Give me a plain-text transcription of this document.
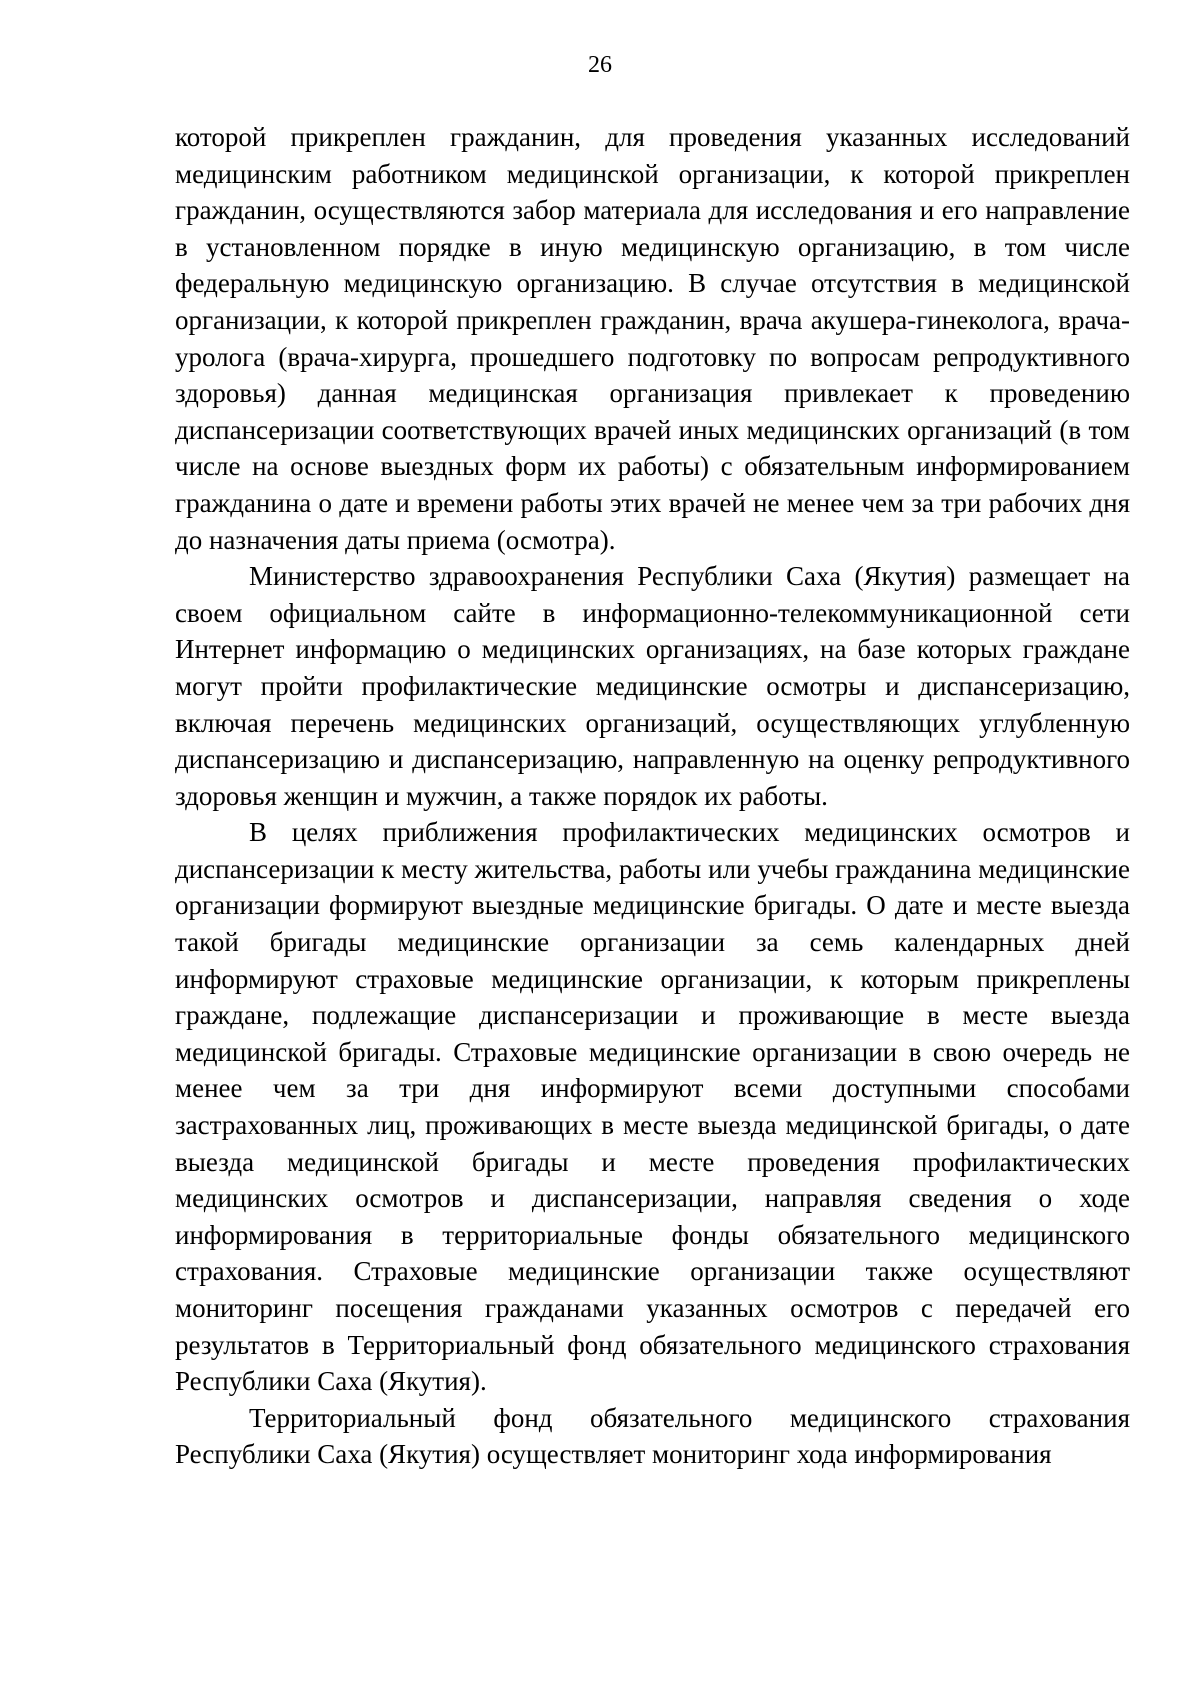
26

которой прикреплен гражданин, для проведения указанных исследований медицинским работником медицинской организации, к которой прикреплен гражданин, осуществляются забор материала для исследования и его направление в установленном порядке в иную медицинскую организацию, в том числе федеральную медицинскую организацию. В случае отсутствия в медицинской организации, к которой прикреплен гражданин, врача акушера-гинеколога, врача-уролога (врача-хирурга, прошедшего подготовку по вопросам репродуктивного здоровья) данная медицинская организация привлекает к проведению диспансеризации соответствующих врачей иных медицинских организаций (в том числе на основе выездных форм их работы) с обязательным информированием гражданина о дате и времени работы этих врачей не менее чем за три рабочих дня до назначения даты приема (осмотра).

Министерство здравоохранения Республики Саха (Якутия) размещает на своем официальном сайте в информационно-телекоммуникационной сети Интернет информацию о медицинских организациях, на базе которых граждане могут пройти профилактические медицинские осмотры и диспансеризацию, включая перечень медицинских организаций, осуществляющих углубленную диспансеризацию и диспансеризацию, направленную на оценку репродуктивного здоровья женщин и мужчин, а также порядок их работы.

В целях приближения профилактических медицинских осмотров и диспансеризации к месту жительства, работы или учебы гражданина медицинские организации формируют выездные медицинские бригады. О дате и месте выезда такой бригады медицинские организации за семь календарных дней информируют страховые медицинские организации, к которым прикреплены граждане, подлежащие диспансеризации и проживающие в месте выезда медицинской бригады. Страховые медицинские организации в свою очередь не менее чем за три дня информируют всеми доступными способами застрахованных лиц, проживающих в месте выезда медицинской бригады, о дате выезда медицинской бригады и месте проведения профилактических медицинских осмотров и диспансеризации, направляя сведения о ходе информирования в территориальные фонды обязательного медицинского страхования. Страховые медицинские организации также осуществляют мониторинг посещения гражданами указанных осмотров с передачей его результатов в Территориальный фонд обязательного медицинского страхования Республики Саха (Якутия).

Территориальный фонд обязательного медицинского страхования Республики Саха (Якутия) осуществляет мониторинг хода информирования
